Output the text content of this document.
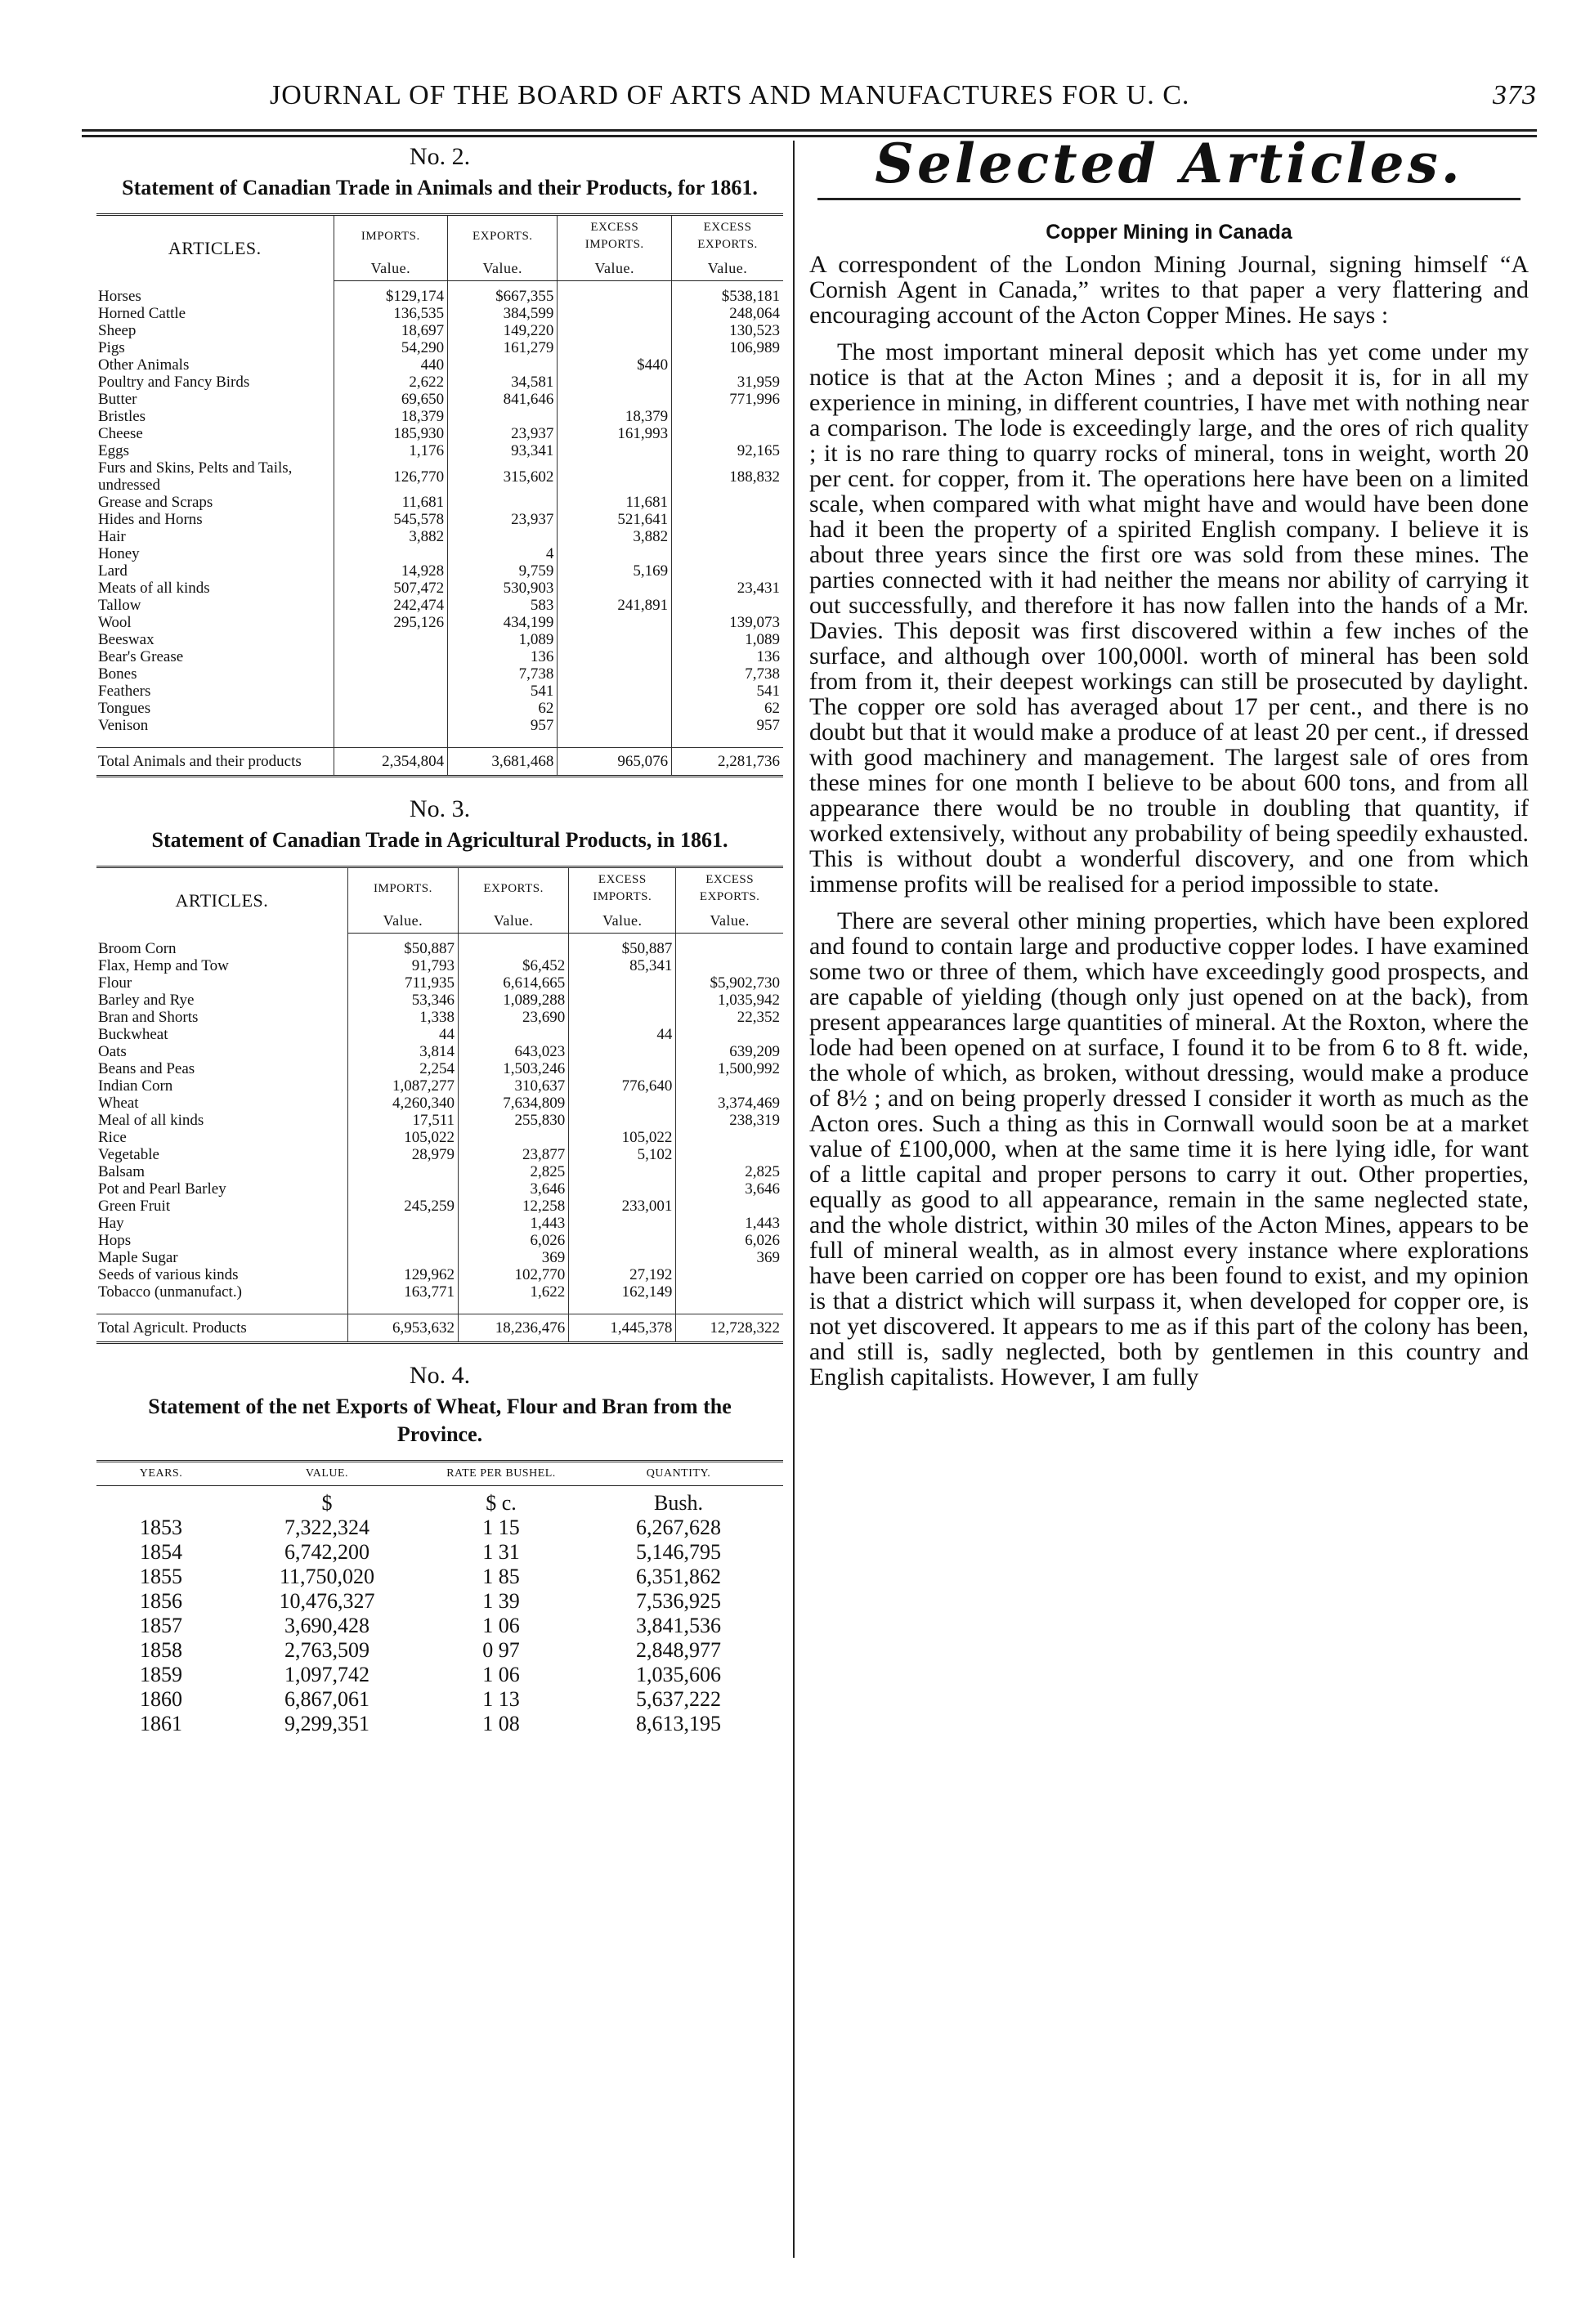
JOURNAL OF THE BOARD OF ARTS AND MANUFACTURES FOR U. C.	373
No. 2.
Statement of Canadian Trade in Animals and their Products, for 1861.
ARTICLES.	IMPORTS.	EXPORTS.	EXCESS IMPORTS.	EXCESS EXPORTS.
	Value.	Value.	Value.	Value.
Horses	$129,174	$667,355		$538,181
Horned Cattle	136,535	384,599		248,064
Sheep	18,697	149,220		130,523
Pigs	54,290	161,279		106,989
Other Animals	440		$440	
Poultry and Fancy Birds	2,622	34,581		31,959
Butter	69,650	841,646		771,996
Bristles	18,379		18,379	
Cheese	185,930	23,937	161,993	
Eggs	1,176	93,341		92,165
Furs and Skins, Pelts and Tails, undressed	126,770	315,602		188,832
Grease and Scraps	11,681		11,681	
Hides and Horns	545,578	23,937	521,641	
Hair	3,882		3,882	
Honey		4		
Lard	14,928	9,759	5,169	
Meats of all kinds	507,472	530,903		23,431
Tallow	242,474	583	241,891	
Wool	295,126	434,199		139,073
Beeswax		1,089		1,089
Bear's Grease		136		136
Bones		7,738		7,738
Feathers		541		541
Tongues		62		62
Venison		957		957

Total Animals and their products	2,354,804	3,681,468	965,076	2,281,736

No. 3.
Statement of Canadian Trade in Agricultural Products, in 1861.
ARTICLES.	IMPORTS.	EXPORTS.	EXCESS IMPORTS.	EXCESS EXPORTS.
	Value.	Value.	Value.	Value.
Broom Corn	$50,887		$50,887	
Flax, Hemp and Tow	91,793	$6,452	85,341	
Flour	711,935	6,614,665		$5,902,730
Barley and Rye	53,346	1,089,288		1,035,942
Bran and Shorts	1,338	23,690		22,352
Buckwheat	44		44	
Oats	3,814	643,023		639,209
Beans and Peas	2,254	1,503,246		1,500,992
Indian Corn	1,087,277	310,637	776,640	
Wheat	4,260,340	7,634,809		3,374,469
Meal of all kinds	17,511	255,830		238,319
Rice	105,022		105,022	
Vegetable	28,979	23,877	5,102	
Balsam		2,825		2,825
Pot and Pearl Barley		3,646		3,646
Green Fruit	245,259	12,258	233,001	
Hay		1,443		1,443
Hops		6,026		6,026
Maple Sugar		369		369
Seeds of various kinds	129,962	102,770	27,192	
Tobacco (unmanufact.)	163,771	1,622	162,149	

Total Agricult. Products	6,953,632	18,236,476	1,445,378	12,728,322

No. 4.
Statement of the net Exports of Wheat, Flour and Bran from the Province.
YEARS.	VALUE.	RATE PER BUSHEL.	QUANTITY.
	$	$ c.	Bush.
1853	7,322,324	1 15	6,267,628
1854	6,742,200	1 31	5,146,795
1855	11,750,020	1 85	6,351,862
1856	10,476,327	1 39	7,536,925
1857	3,690,428	1 06	3,841,536
1858	2,763,509	0 97	2,848,977
1859	1,097,742	1 06	1,035,606
1860	6,867,061	1 13	5,637,222
1861	9,299,351	1 08	8,613,195
Selected Articles.
Copper Mining in Canada

A correspondent of the London Mining Journal, signing himself “A Cornish Agent in Canada,” writes to that paper a very flattering and encouraging account of the Acton Copper Mines. He says :

The most important mineral deposit which has yet come under my notice is that at the Acton Mines ; and a deposit it is, for in all my experience in mining, in different countries, I have met with nothing near a comparison. The lode is exceedingly large, and the ores of rich quality ; it is no rare thing to quarry rocks of mineral, tons in weight, worth 20 per cent. for copper, from it. The operations here have been on a limited scale, when compared with what might have and would have been done had it been the property of a spirited English company. I believe it is about three years since the first ore was sold from these mines. The parties connected with it had neither the means nor ability of carrying it out successfully, and therefore it has now fallen into the hands of a Mr. Davies. This deposit was first discovered within a few inches of the surface, and although over 100,000l. worth of mineral has been sold from from it, their deepest workings can still be prosecuted by daylight. The copper ore sold has averaged about 17 per cent., and there is no doubt but that it would make a produce of at least 20 per cent., if dressed with good machinery and management. The largest sale of ores from these mines for one month I believe to be about 600 tons, and from all appearance there would be no trouble in doubling that quantity, if worked extensively, without any probability of being speedily exhausted. This is without doubt a wonderful discovery, and one from which immense profits will be realised for a period impossible to state.

There are several other mining properties, which have been explored and found to contain large and productive copper lodes. I have examined some two or three of them, which have exceedingly good prospects, and are capable of yielding (though only just opened on at the back), from present appearances large quantities of mineral. At the Roxton, where the lode had been opened on at surface, I found it to be from 6 to 8 ft. wide, the whole of which, as broken, without dressing, would make a produce of 8½ ; and on being properly dressed I consider it worth as much as the Acton ores. Such a thing as this in Cornwall would soon be at a market value of £100,000, when at the same time it is here lying idle, for want of a little capital and proper persons to carry it out. Other properties, equally as good to all appearance, remain in the same neglected state, and the whole district, within 30 miles of the Acton Mines, appears to be full of mineral wealth, as in almost every instance where explorations have been carried on copper ore has been found to exist, and my opinion is that a district which will surpass it, when developed for copper ore, is not yet discovered. It appears to me as if this part of the colony has been, and still is, sadly neglected, both by gentlemen in this country and English capitalists. However, I am fully
